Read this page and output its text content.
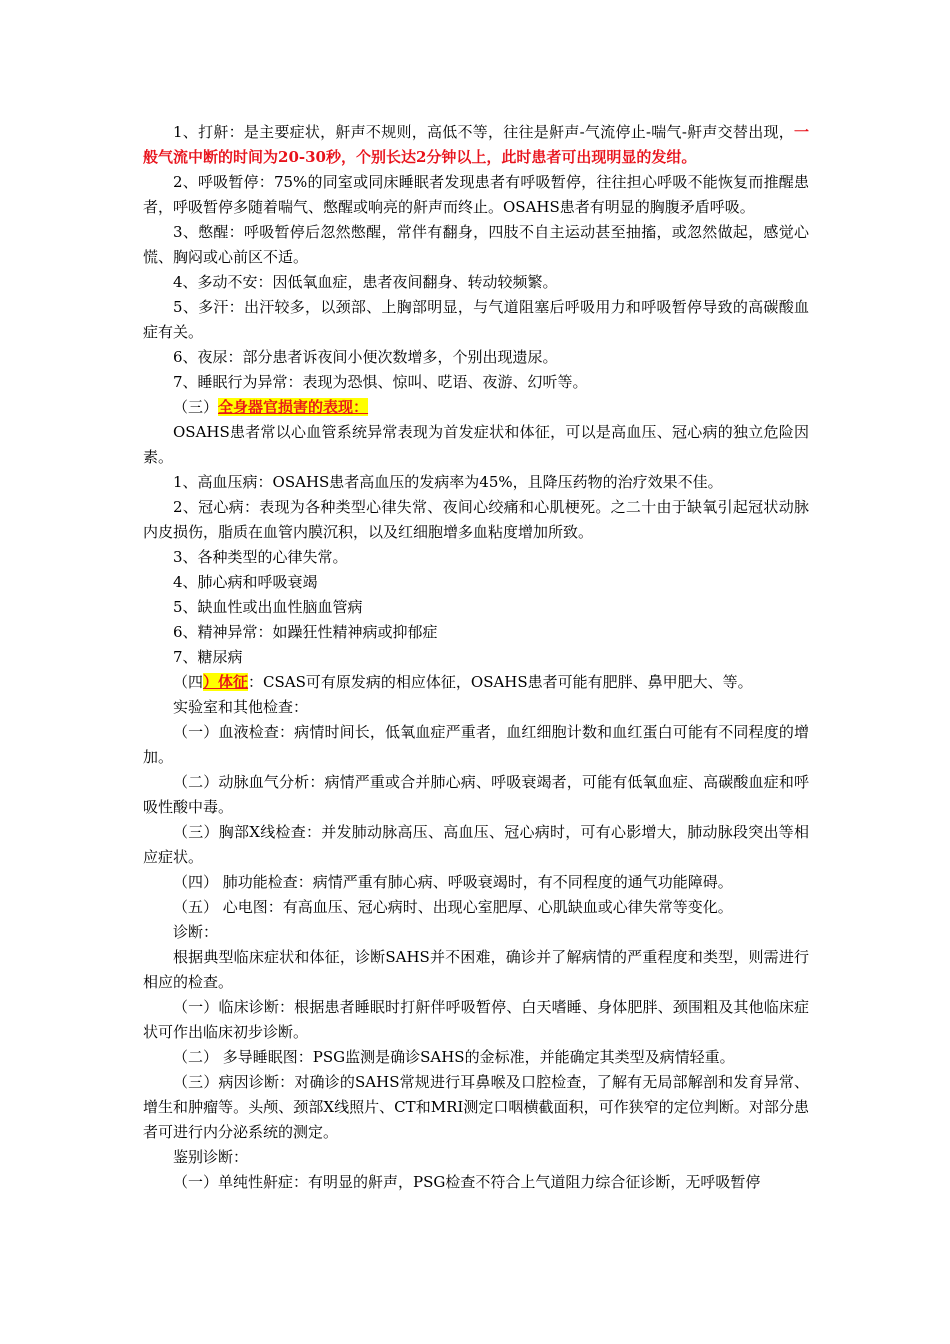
1、打鼾：是主要症状，鼾声不规则，高低不等，往往是鼾声-气流停止-喘气-鼾声交替出现，一般气流中断的时间为20-30秒，个别长达2分钟以上，此时患者可出现明显的发绀。

2、呼吸暂停：75%的同室或同床睡眠者发现患者有呼吸暂停，往往担心呼吸不能恢复而推醒患者，呼吸暂停多随着喘气、憋醒或响亮的鼾声而终止。OSAHS患者有明显的胸腹矛盾呼吸。

3、憋醒：呼吸暂停后忽然憋醒，常伴有翻身，四肢不自主运动甚至抽搐，或忽然做起，感觉心慌、胸闷或心前区不适。

4、多动不安：因低氧血症，患者夜间翻身、转动较频繁。

5、多汗：出汗较多，以颈部、上胸部明显，与气道阻塞后呼吸用力和呼吸暂停导致的高碳酸血症有关。

6、夜尿：部分患者诉夜间小便次数增多，个别出现遗尿。

7、睡眠行为异常：表现为恐惧、惊叫、呓语、夜游、幻听等。

（三）全身器官损害的表现：

OSAHS患者常以心血管系统异常表现为首发症状和体征，可以是高血压、冠心病的独立危险因素。

1、高血压病：OSAHS患者高血压的发病率为45%，且降压药物的治疗效果不佳。

2、冠心病：表现为各种类型心律失常、夜间心绞痛和心肌梗死。之二十由于缺氧引起冠状动脉内皮损伤，脂质在血管内膜沉积，以及红细胞增多血粘度增加所致。

3、各种类型的心律失常。

4、肺心病和呼吸衰竭

5、缺血性或出血性脑血管病

6、精神异常：如躁狂性精神病或抑郁症

7、糖尿病

（四）体征：CSAS可有原发病的相应体征，OSAHS患者可能有肥胖、鼻甲肥大、等。

实验室和其他检查：

（一）血液检查：病情时间长，低氧血症严重者，血红细胞计数和血红蛋白可能有不同程度的增加。

（二）动脉血气分析：病情严重或合并肺心病、呼吸衰竭者，可能有低氧血症、高碳酸血症和呼吸性酸中毒。

（三）胸部X线检查：并发肺动脉高压、高血压、冠心病时，可有心影增大，肺动脉段突出等相应症状。

（四） 肺功能检查：病情严重有肺心病、呼吸衰竭时，有不同程度的通气功能障碍。

（五） 心电图：有高血压、冠心病时、出现心室肥厚、心肌缺血或心律失常等变化。

诊断：

根据典型临床症状和体征，诊断SAHS并不困难，确诊并了解病情的严重程度和类型，则需进行相应的检查。

（一）临床诊断：根据患者睡眠时打鼾伴呼吸暂停、白天嗜睡、身体肥胖、颈围粗及其他临床症状可作出临床初步诊断。

（二） 多导睡眠图：PSG监测是确诊SAHS的金标准，并能确定其类型及病情轻重。

（三）病因诊断：对确诊的SAHS常规进行耳鼻喉及口腔检查，了解有无局部解剖和发育异常、增生和肿瘤等。头颅、颈部X线照片、CT和MRI测定口咽横截面积，可作狭窄的定位判断。对部分患者可进行内分泌系统的测定。

鉴别诊断：

（一）单纯性鼾症：有明显的鼾声，PSG检查不符合上气道阻力综合征诊断，无呼吸暂停
